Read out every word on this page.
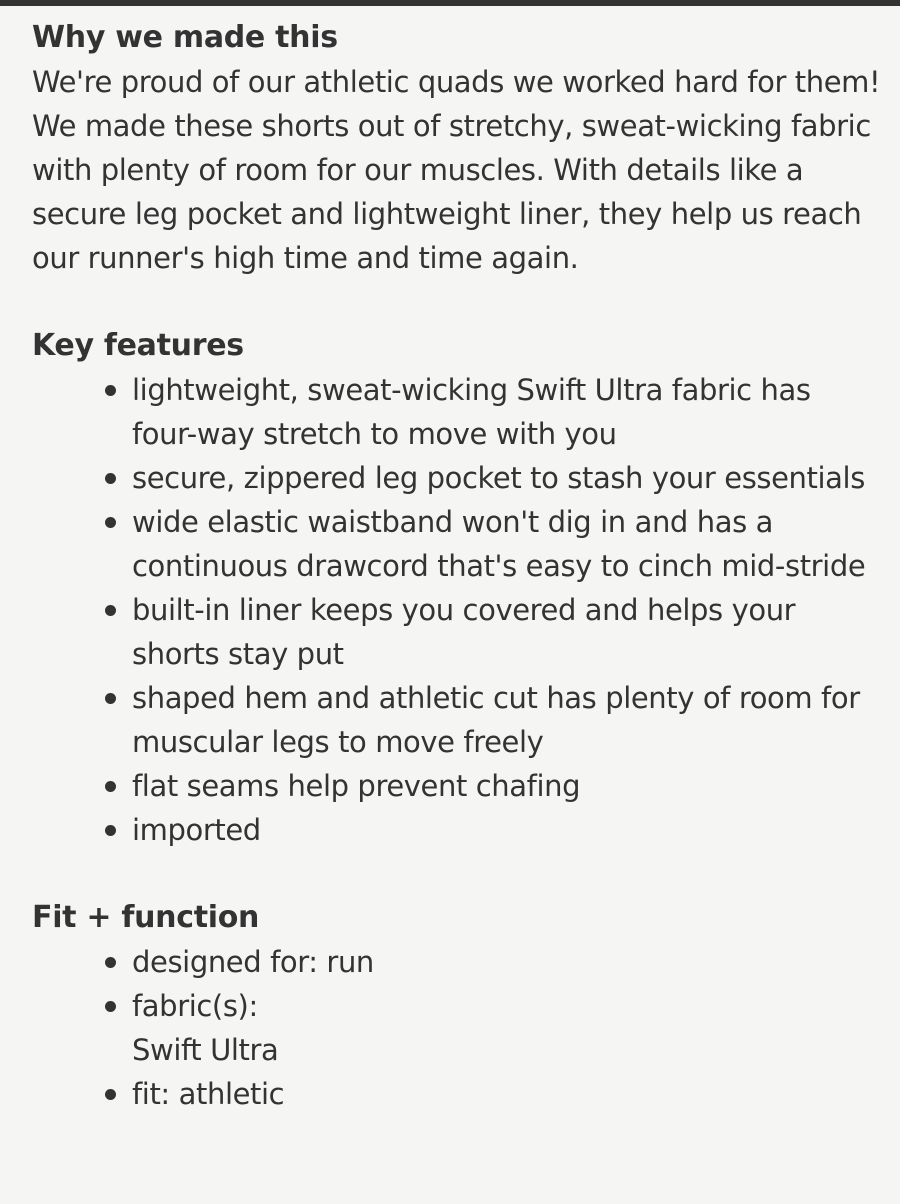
Why we made this

We're proud of our athletic quads we worked hard for them! We made these shorts out of stretchy, sweat-wicking fabric with plenty of room for our muscles. With details like a secure leg pocket and lightweight liner, they help us reach our runner's high time and time again.

Key features
lightweight, sweat-wicking Swift Ultra fabric has four-way stretch to move with you
secure, zippered leg pocket to stash your essentials
wide elastic waistband won't dig in and has a continuous drawcord that's easy to cinch mid-stride
built-in liner keeps you covered and helps your shorts stay put
shaped hem and athletic cut has plenty of room for muscular legs to move freely
flat seams help prevent chafing
imported
Fit + function
designed for: run
fabric(s):
Swift Ultra
fit: athletic
